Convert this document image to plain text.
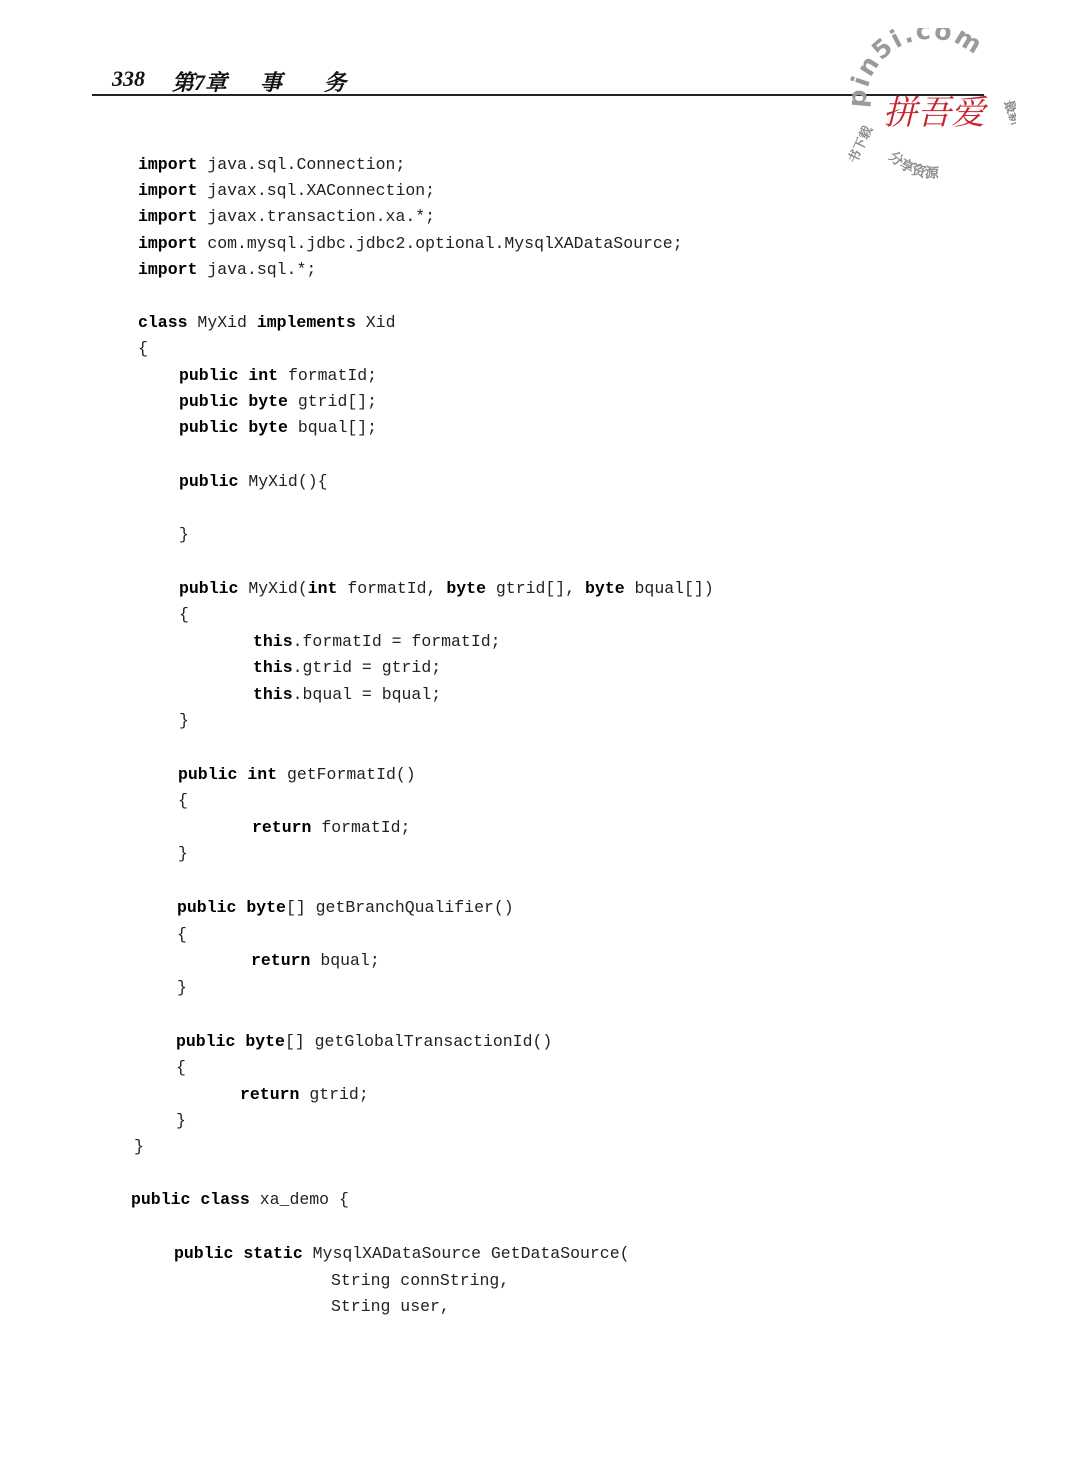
338 第7章 事 务	in5i.com
拼吾爱 最新
书下载 分享资源
import java.sql.Connection;
import javax.sql.XAConnection;
import javax.transaction.xa.*;
import com.mysql.jdbc.jdbc2.optional.MysqlXADataSource;
import java.sql.*;
class MyXid implements Xid
{
public int formatId;
public byte gtrid[];
public byte bqual[];
public MyXid(){
}
public MyXid(int formatId, byte gtrid[], byte bqual[])
{
this.formatId = formatId;
this.gtrid = gtrid;
this.bqual = bqual;
}
public int getFormatId()
{
return formatId;
}
public byte[] getBranchQualifier()
{
return bqual;
}
public byte[] getGlobalTransactionId()
{
return gtrid;
}
}
public class xa_demo {
public static MysqlXADataSource GetDataSource(
String connString,
String user,
